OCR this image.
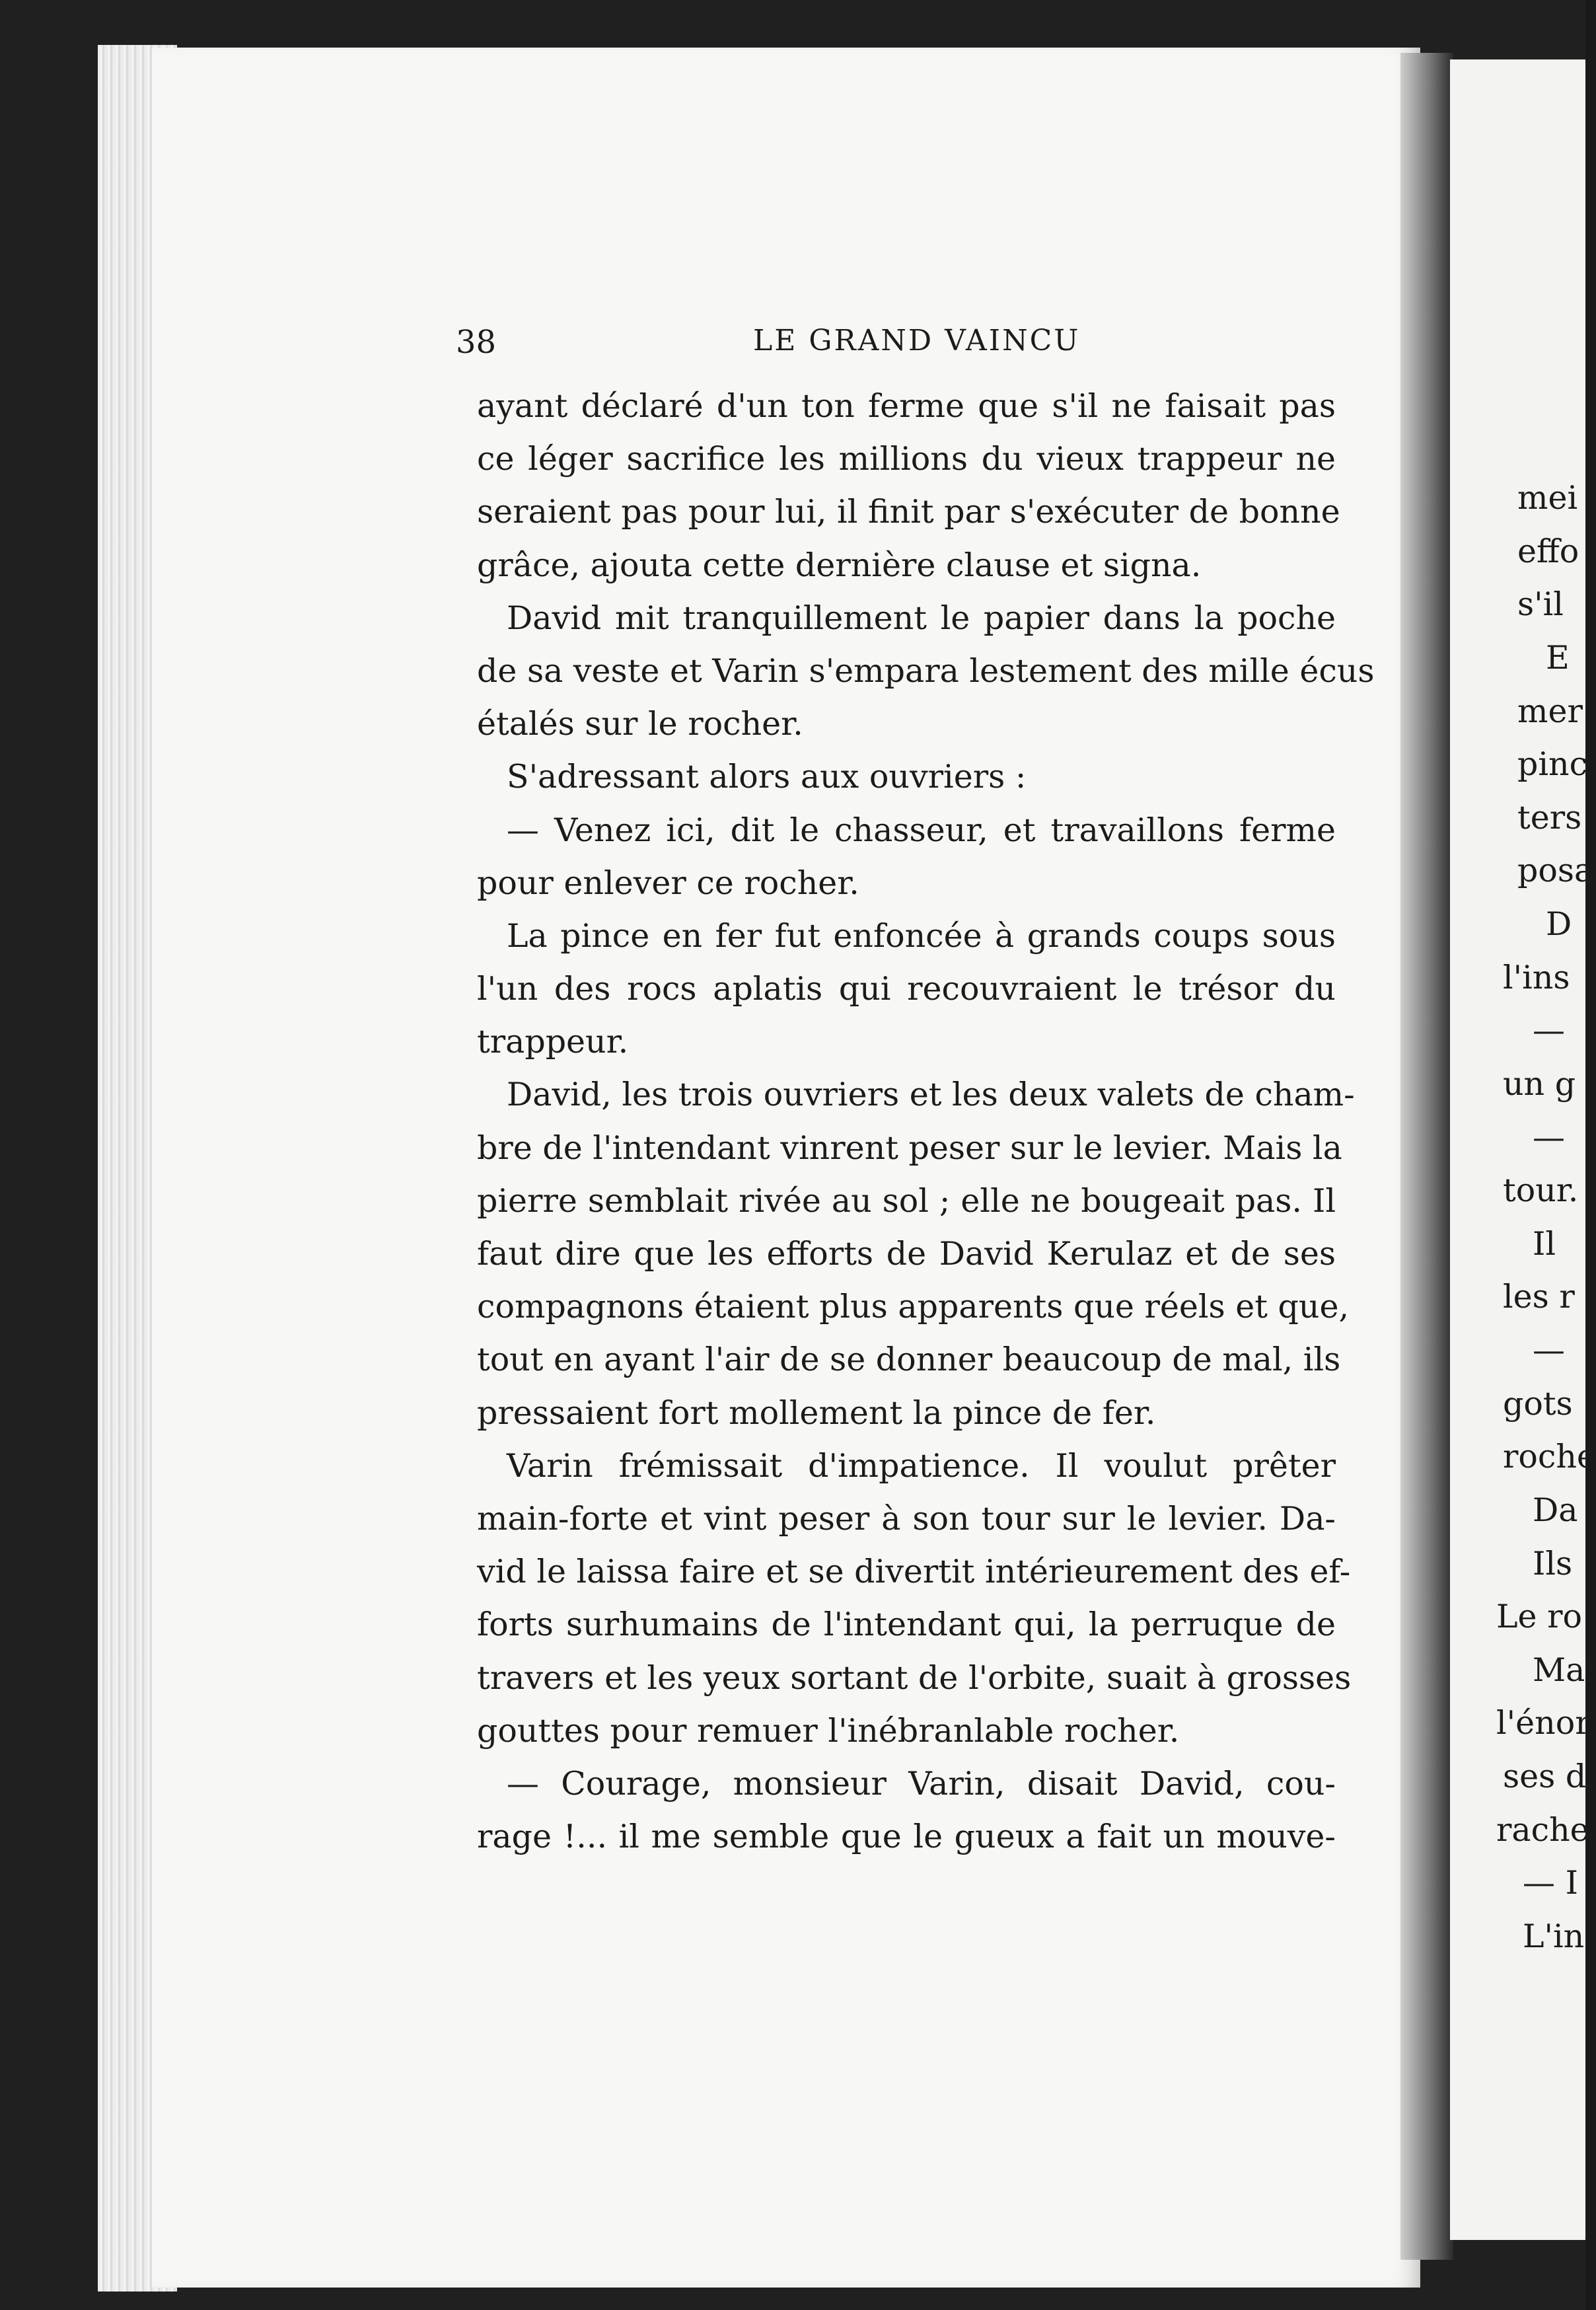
38	LE GRAND VAINCU
ayant déclaré d'un ton ferme que s'il ne faisait pas
ce léger sacrifice les millions du vieux trappeur ne
seraient pas pour lui, il finit par s'exécuter de bonne
grâce, ajouta cette dernière clause et signa.
David mit tranquillement le papier dans la poche
de sa veste et Varin s'empara lestement des mille écus
étalés sur le rocher.
S'adressant alors aux ouvriers :
— Venez ici, dit le chasseur, et travaillons ferme
pour enlever ce rocher.
La pince en fer fut enfoncée à grands coups sous
l'un des rocs aplatis qui recouvraient le trésor du
trappeur.
David, les trois ouvriers et les deux valets de cham-
bre de l'intendant vinrent peser sur le levier. Mais la
pierre semblait rivée au sol ; elle ne bougeait pas. Il
faut dire que les efforts de David Kerulaz et de ses
compagnons étaient plus apparents que réels et que,
tout en ayant l'air de se donner beaucoup de mal, ils
pressaient fort mollement la pince de fer.
Varin frémissait d'impatience. Il voulut prêter
main-forte et vint peser à son tour sur le levier. Da-
vid le laissa faire et se divertit intérieurement des ef-
forts surhumains de l'intendant qui, la perruque de
travers et les yeux sortant de l'orbite, suait à grosses
gouttes pour remuer l'inébranlable rocher.
— Courage, monsieur Varin, disait David, cou-
rage !... il me semble que le gueux a fait un mouve-
mei
effo
s'il
E
mer
pinc
ters
posa
D
l'ins
—
un g
—
tour.
Il
les r
—
gots
roche
Da
Ils
Le ro
Mai
l'énor
ses d
rache
— I
L'in
